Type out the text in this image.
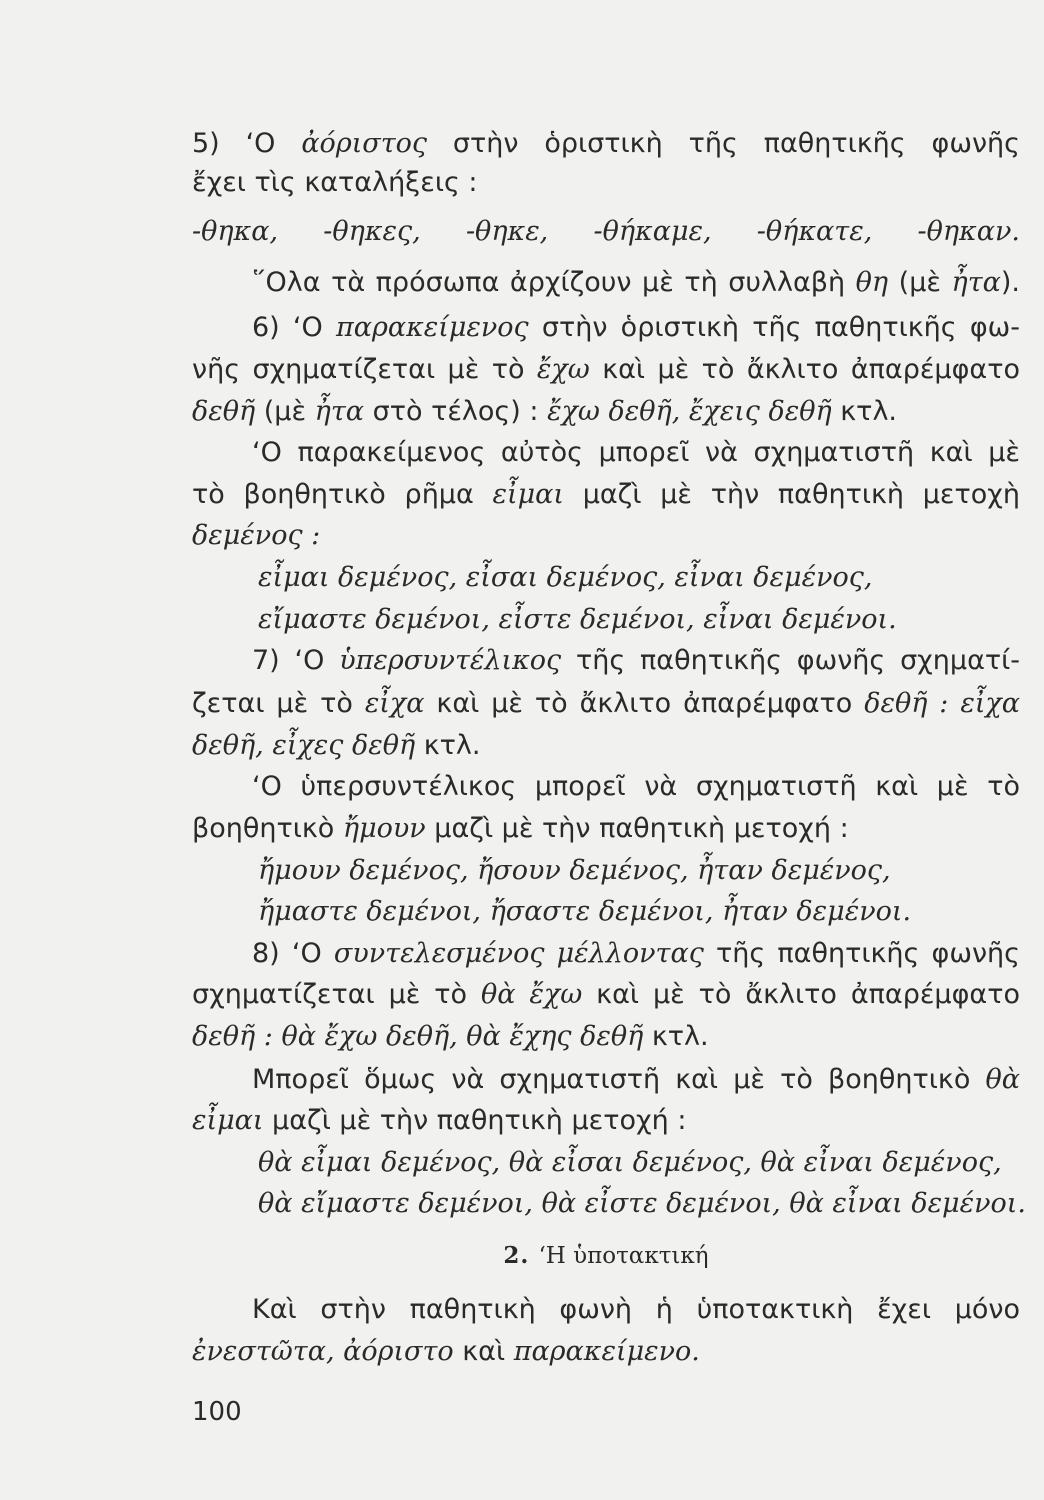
5) ‘Ο ἀόριστος στὴν ὁριστικὴ τῆς παθητικῆς φωνῆς
ἔχει τὶς καταλήξεις :
-θηκα, -θηκες, -θηκε, -θήκαμε, -θήκατε, -θηκαν.
῞Ολα τὰ πρόσωπα ἀρχίζουν μὲ τὴ συλλαβὴ θη (μὲ ἦτα).
6) ‘Ο παρακείμενος στὴν ὁριστικὴ τῆς παθητικῆς φω-
νῆς σχηματίζεται μὲ τὸ ἔχω καὶ μὲ τὸ ἄκλιτο ἀπαρέμφατο
δεθῆ (μὲ ἦτα στὸ τέλος) : ἔχω δεθῆ, ἔχεις δεθῆ κτλ.
‘Ο παρακείμενος αὐτὸς μπορεῖ νὰ σχηματιστῆ καὶ μὲ
τὸ βοηθητικὸ ρῆμα εἶμαι μαζὶ μὲ τὴν παθητικὴ μετοχὴ
δεμένος :
εἶμαι δεμένος, εἶσαι δεμένος, εἶναι δεμένος,
εἴμαστε δεμένοι, εἶστε δεμένοι, εἶναι δεμένοι.
7) ‘Ο ὑπερσυντέλικος τῆς παθητικῆς φωνῆς σχηματί-
ζεται μὲ τὸ εἶχα καὶ μὲ τὸ ἄκλιτο ἀπαρέμφατο δεθῆ : εἶχα
δεθῆ, εἶχες δεθῆ κτλ.
‘Ο ὑπερσυντέλικος μπορεῖ νὰ σχηματιστῆ καὶ μὲ τὸ
βοηθητικὸ ἤμουν μαζὶ μὲ τὴν παθητικὴ μετοχή :
ἤμουν δεμένος, ἤσουν δεμένος, ἦταν δεμένος,
ἤμαστε δεμένοι, ἤσαστε δεμένοι, ἦταν δεμένοι.
8) ‘Ο συντελεσμένος μέλλοντας τῆς παθητικῆς φωνῆς
σχηματίζεται μὲ τὸ θὰ ἔχω καὶ μὲ τὸ ἄκλιτο ἀπαρέμφατο
δεθῆ : θὰ ἔχω δεθῆ, θὰ ἔχης δεθῆ κτλ.
Μπορεῖ ὅμως νὰ σχηματιστῆ καὶ μὲ τὸ βοηθητικὸ θὰ
εἶμαι μαζὶ μὲ τὴν παθητικὴ μετοχή :
θὰ εἶμαι δεμένος, θὰ εἶσαι δεμένος, θὰ εἶναι δεμένος,
θὰ εἴμαστε δεμένοι, θὰ εἶστε δεμένοι, θὰ εἶναι δεμένοι.
2. ‘Η ὑποτακτική
Καὶ στὴν παθητικὴ φωνὴ ἡ ὑποτακτικὴ ἔχει μόνο
ἐνεστῶτα, ἀόριστο καὶ παρακείμενο.
100
